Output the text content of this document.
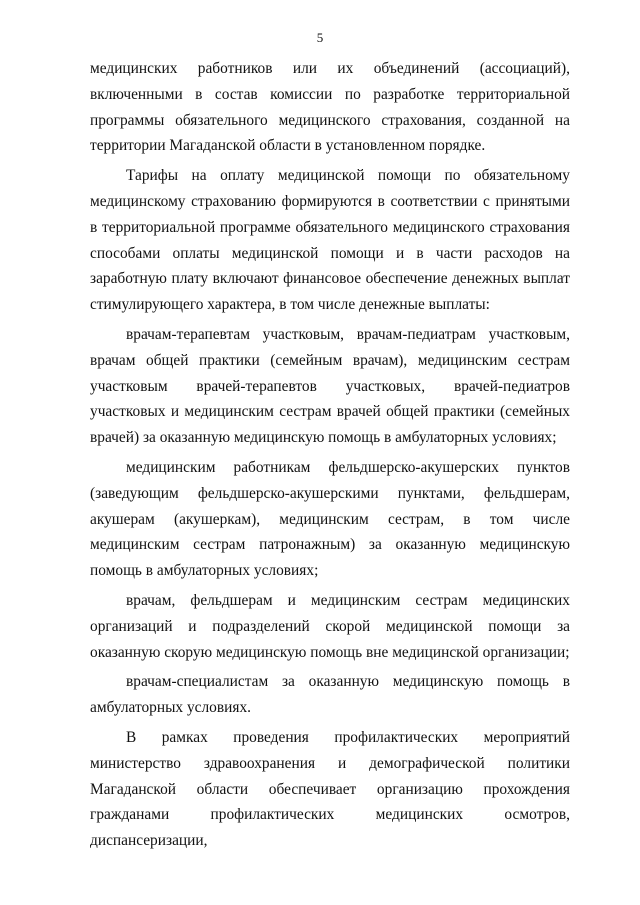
5

медицинских работников или их объединений (ассоциаций), включенными в состав комиссии по разработке территориальной программы обязательного медицинского страхования, созданной на территории Магаданской области в установленном порядке.

Тарифы на оплату медицинской помощи по обязательному медицинскому страхованию формируются в соответствии с принятыми в территориальной программе обязательного медицинского страхования способами оплаты медицинской помощи и в части расходов на заработную плату включают финансовое обеспечение денежных выплат стимулирующего характера, в том числе денежные выплаты:

врачам-терапевтам участковым, врачам-педиатрам участковым, врачам общей практики (семейным врачам), медицинским сестрам участковым врачей-терапевтов участковых, врачей-педиатров участковых и медицинским сестрам врачей общей практики (семейных врачей) за оказанную медицинскую помощь в амбулаторных условиях;

медицинским работникам фельдшерско-акушерских пунктов (заведующим фельдшерско-акушерскими пунктами, фельдшерам, акушерам (акушеркам), медицинским сестрам, в том числе медицинским сестрам патронажным) за оказанную медицинскую помощь в амбулаторных условиях;

врачам, фельдшерам и медицинским сестрам медицинских организаций и подразделений скорой медицинской помощи за оказанную скорую медицинскую помощь вне медицинской организации;

врачам-специалистам за оказанную медицинскую помощь в амбулаторных условиях.

В рамках проведения профилактических мероприятий министерство здравоохранения и демографической политики Магаданской области обеспечивает организацию прохождения гражданами профилактических медицинских осмотров, диспансеризации,
